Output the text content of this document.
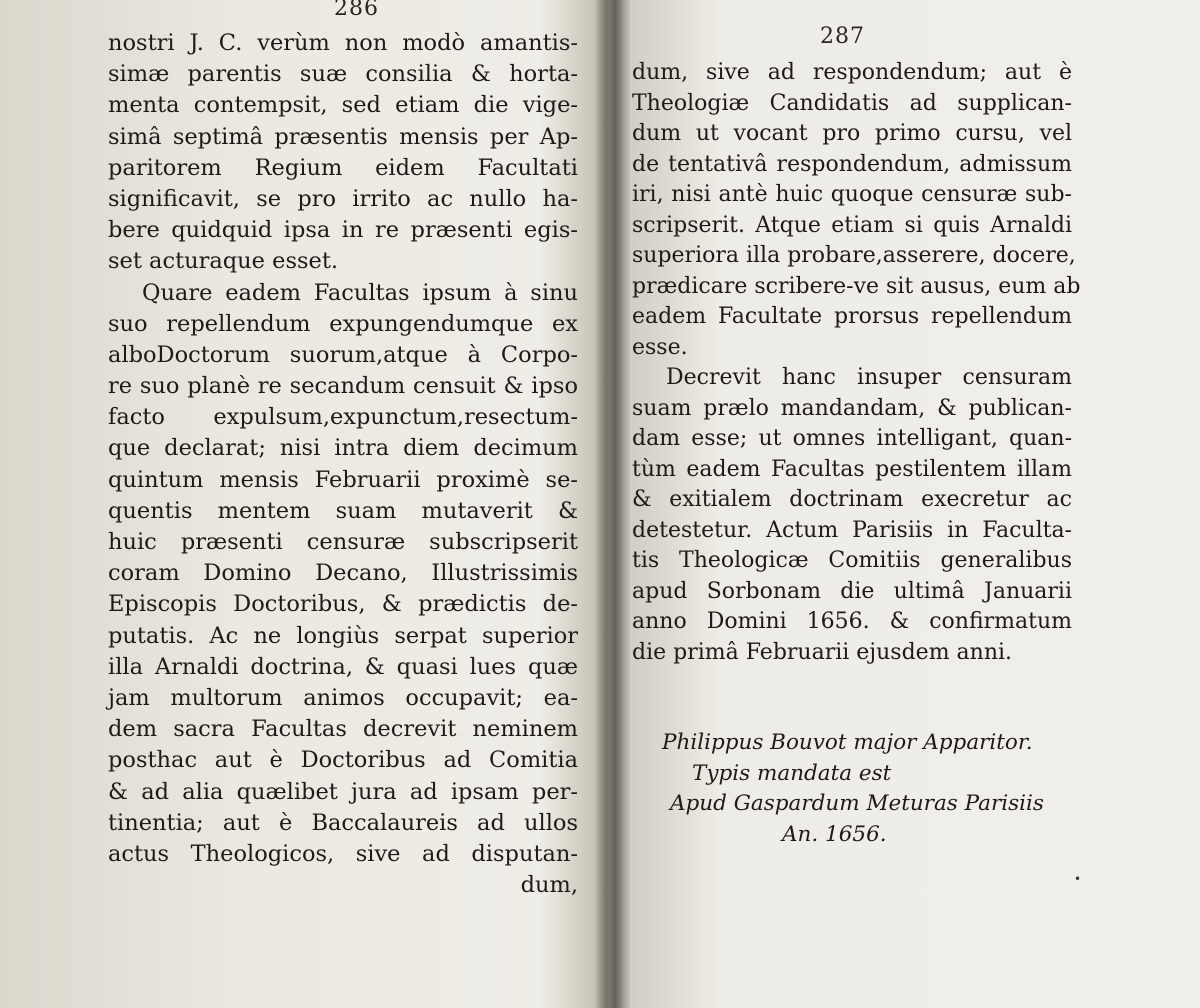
286
nostri J. C. verùm non modò amantis-
simæ parentis suæ consilia & horta-
menta contempsit, sed etiam die vige-
simâ septimâ præsentis mensis per Ap-
paritorem Regium eidem Facultati
significavit, se pro irrito ac nullo ha-
bere quidquid ipsa in re præsenti egis-
set acturaque esset.
Quare eadem Facultas ipsum à sinu
suo repellendum expungendumque ex
alboDoctorum suorum,atque à Corpo-
re suo planè re secandum censuit & ipso
facto expulsum,expunctum,resectum-
que declarat; nisi intra diem decimum
quintum mensis Februarii proximè se-
quentis mentem suam mutaverit &
huic præsenti censuræ subscripserit
coram Domino Decano, Illustrissimis
Episcopis Doctoribus, & prædictis de-
putatis. Ac ne longiùs serpat superior
illa Arnaldi doctrina, & quasi lues quæ
jam multorum animos occupavit; ea-
dem sacra Facultas decrevit neminem
posthac aut è Doctoribus ad Comitia
& ad alia quælibet jura ad ipsam per-
tinentia; aut è Baccalaureis ad ullos
actus Theologicos, sive ad disputan-
dum,
287
dum, sive ad respondendum; aut è
Theologiæ Candidatis ad supplican-
dum ut vocant pro primo cursu, vel
de tentativâ respondendum, admissum
iri, nisi antè huic quoque censuræ sub-
scripserit. Atque etiam si quis Arnaldi
superiora illa probare,asserere, docere,
prædicare scribere-ve sit ausus, eum ab
eadem Facultate prorsus repellendum
esse.
Decrevit hanc insuper censuram
suam prælo mandandam, & publican-
dam esse; ut omnes intelligant, quan-
tùm eadem Facultas pestilentem illam
& exitialem doctrinam execretur ac
detestetur. Actum Parisiis in Faculta-
tis Theologicæ Comitiis generalibus
apud Sorbonam die ultimâ Januarii
anno Domini 1656. & confirmatum
die primâ Februarii ejusdem anni.
Philippus Bouvot major Apparitor.
Typis mandata est
Apud Gaspardum Meturas Parisiis
An. 1656.
•
